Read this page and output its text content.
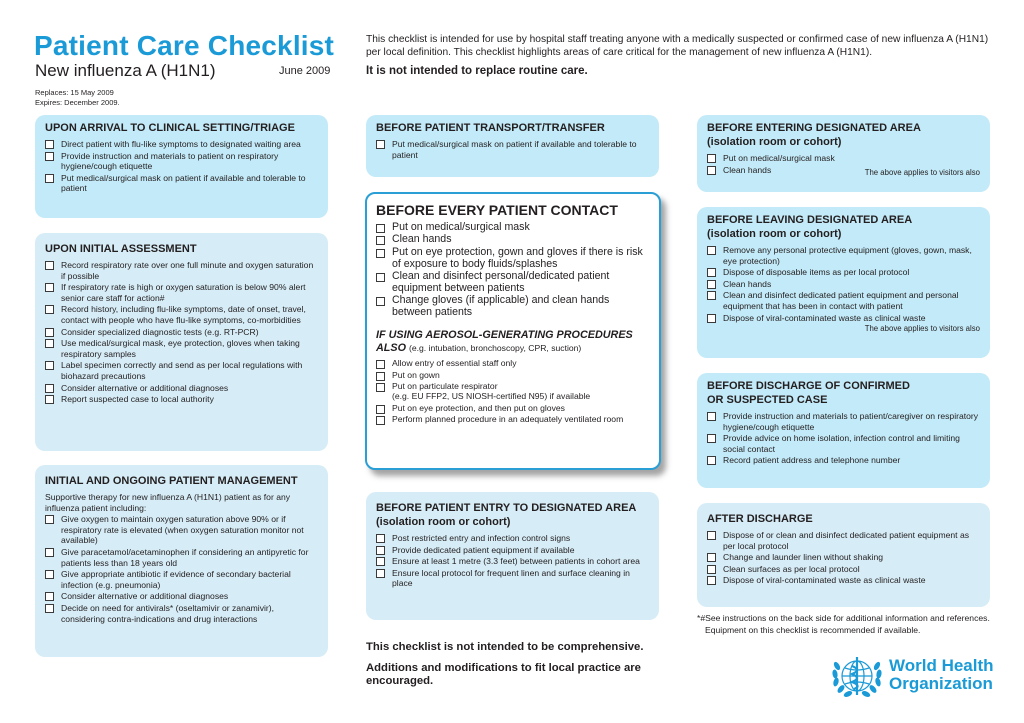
Patient Care Checklist
New influenza A (H1N1)	June 2009
Replaces: 15 May 2009
Expires: December 2009.
This checklist is intended for use by hospital staff treating anyone with a medically suspected or confirmed case of new influenza A (H1N1) per local definition. This checklist highlights areas of care critical for the management of new influenza A (H1N1).
It is not intended to replace routine care.
UPON ARRIVAL TO CLINICAL SETTING/TRIAGE
Direct patient with flu-like symptoms to designated waiting area
Provide instruction and materials to patient on respiratory hygiene/cough etiquette
Put medical/surgical mask on patient if available and tolerable to patient
UPON INITIAL ASSESSMENT
Record respiratory rate over one full minute and oxygen saturation if possible
If respiratory rate is high or oxygen saturation is below 90% alert senior care staff for action#
Record history, including flu-like symptoms, date of onset, travel, contact with people who have flu-like symptoms, co-morbidities
Consider specialized diagnostic tests (e.g. RT-PCR)
Use medical/surgical mask, eye protection, gloves when taking respiratory samples
Label specimen correctly and send as per local regulations with biohazard precautions
Consider alternative or additional diagnoses
Report suspected case to local authority
INITIAL AND ONGOING PATIENT MANAGEMENT

Supportive therapy for new influenza A (H1N1) patient as for any influenza patient including:

Give oxygen to maintain oxygen saturation above 90% or if respiratory rate is elevated (when oxygen saturation monitor not available)
Give paracetamol/acetaminophen if considering an antipyretic for patients less than 18 years old
Give appropriate antibiotic if evidence of secondary bacterial infection (e.g. pneumonia)
Consider alternative or additional diagnoses
Decide on need for antivirals* (oseltamivir or zanamivir), considering contra-indications and drug interactions
BEFORE PATIENT TRANSPORT/TRANSFER
Put medical/surgical mask on patient if available and tolerable to patient
BEFORE EVERY PATIENT CONTACT
Put on medical/surgical mask
Clean hands
Put on eye protection, gown and gloves if there is risk of exposure to body fluids/splashes
Clean and disinfect personal/dedicated patient equipment between patients
Change gloves (if applicable) and clean hands between patients
IF USING AEROSOL-GENERATING PROCEDURES ALSO (e.g. intubation, bronchoscopy, CPR, suction)
Allow entry of essential staff only
Put on gown
Put on particulate respirator
(e.g. EU FFP2, US NIOSH-certified N95) if available
Put on eye protection, and then put on gloves
Perform planned procedure in an adequately ventilated room
BEFORE PATIENT ENTRY TO DESIGNATED AREA
(isolation room or cohort)
Post restricted entry and infection control signs
Provide dedicated patient equipment if available
Ensure at least 1 metre (3.3 feet) between patients in cohort area
Ensure local protocol for frequent linen and surface cleaning in place

This checklist is not intended to be comprehensive.

Additions and modifications to fit local practice are encouraged.

BEFORE ENTERING DESIGNATED AREA
(isolation room or cohort)
Put on medical/surgical mask
Clean hands	The above applies to visitors also
BEFORE LEAVING DESIGNATED AREA
(isolation room or cohort)
Remove any personal protective equipment (gloves, gown, mask, eye protection)
Dispose of disposable items as per local protocol
Clean hands
Clean and disinfect dedicated patient equipment and personal equipment that has been in contact with patient
Dispose of viral-contaminated waste as clinical waste
The above applies to visitors also
BEFORE DISCHARGE OF CONFIRMED
OR SUSPECTED CASE
Provide instruction and materials to patient/caregiver on respiratory hygiene/cough etiquette
Provide advice on home isolation, infection control and limiting social contact
Record patient address and telephone number
AFTER DISCHARGE
Dispose of or clean and disinfect dedicated patient equipment as per local protocol
Change and launder linen without shaking
Clean surfaces as per local protocol
Dispose of viral-contaminated waste as clinical waste
*#See instructions on the back side for additional information and references.
Equipment on this checklist is recommended if available.
World Health
Organization
